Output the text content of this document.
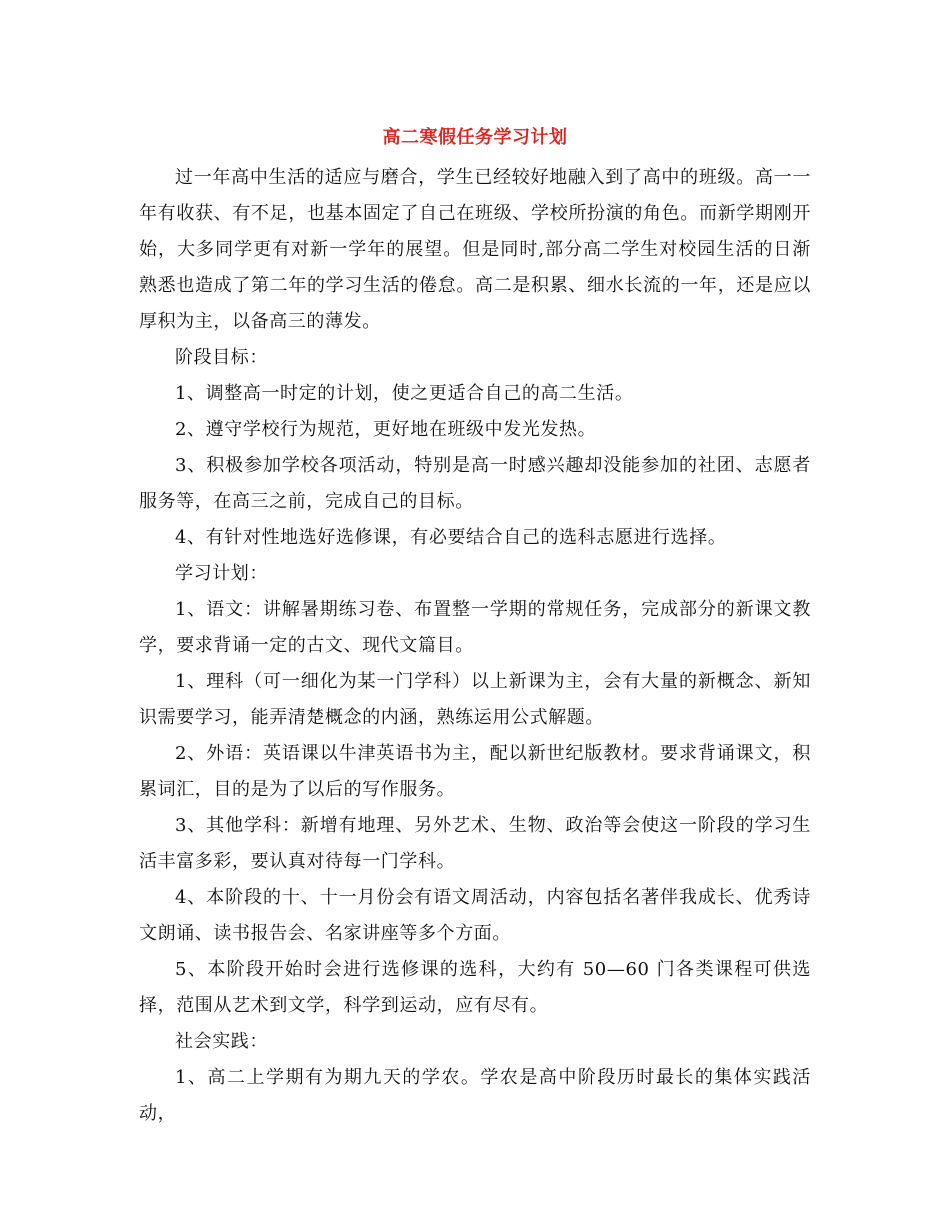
高二寒假任务学习计划

过一年高中生活的适应与磨合，学生已经较好地融入到了高中的班级。高一一年有收获、有不足，也基本固定了自己在班级、学校所扮演的角色。而新学期刚开始，大多同学更有对新一学年的展望。但是同时,部分高二学生对校园生活的日渐熟悉也造成了第二年的学习生活的倦怠。高二是积累、细水长流的一年，还是应以厚积为主，以备高三的薄发。

阶段目标：

1、调整高一时定的计划，使之更适合自己的高二生活。

2、遵守学校行为规范，更好地在班级中发光发热。

3、积极参加学校各项活动，特别是高一时感兴趣却没能参加的社团、志愿者服务等，在高三之前，完成自己的目标。

4、有针对性地选好选修课，有必要结合自己的选科志愿进行选择。

学习计划：

1、语文：讲解暑期练习卷、布置整一学期的常规任务，完成部分的新课文教学，要求背诵一定的古文、现代文篇目。

1、理科（可一细化为某一门学科）以上新课为主，会有大量的新概念、新知识需要学习，能弄清楚概念的内涵，熟练运用公式解题。

2、外语：英语课以牛津英语书为主，配以新世纪版教材。要求背诵课文，积累词汇，目的是为了以后的写作服务。

3、其他学科：新增有地理、另外艺术、生物、政治等会使这一阶段的学习生活丰富多彩，要认真对待每一门学科。

4、本阶段的十、十一月份会有语文周活动，内容包括名著伴我成长、优秀诗文朗诵、读书报告会、名家讲座等多个方面。

5、本阶段开始时会进行选修课的选科，大约有 50—60 门各类课程可供选择，范围从艺术到文学，科学到运动，应有尽有。

社会实践：

1、高二上学期有为期九天的学农。学农是高中阶段历时最长的集体实践活动，
